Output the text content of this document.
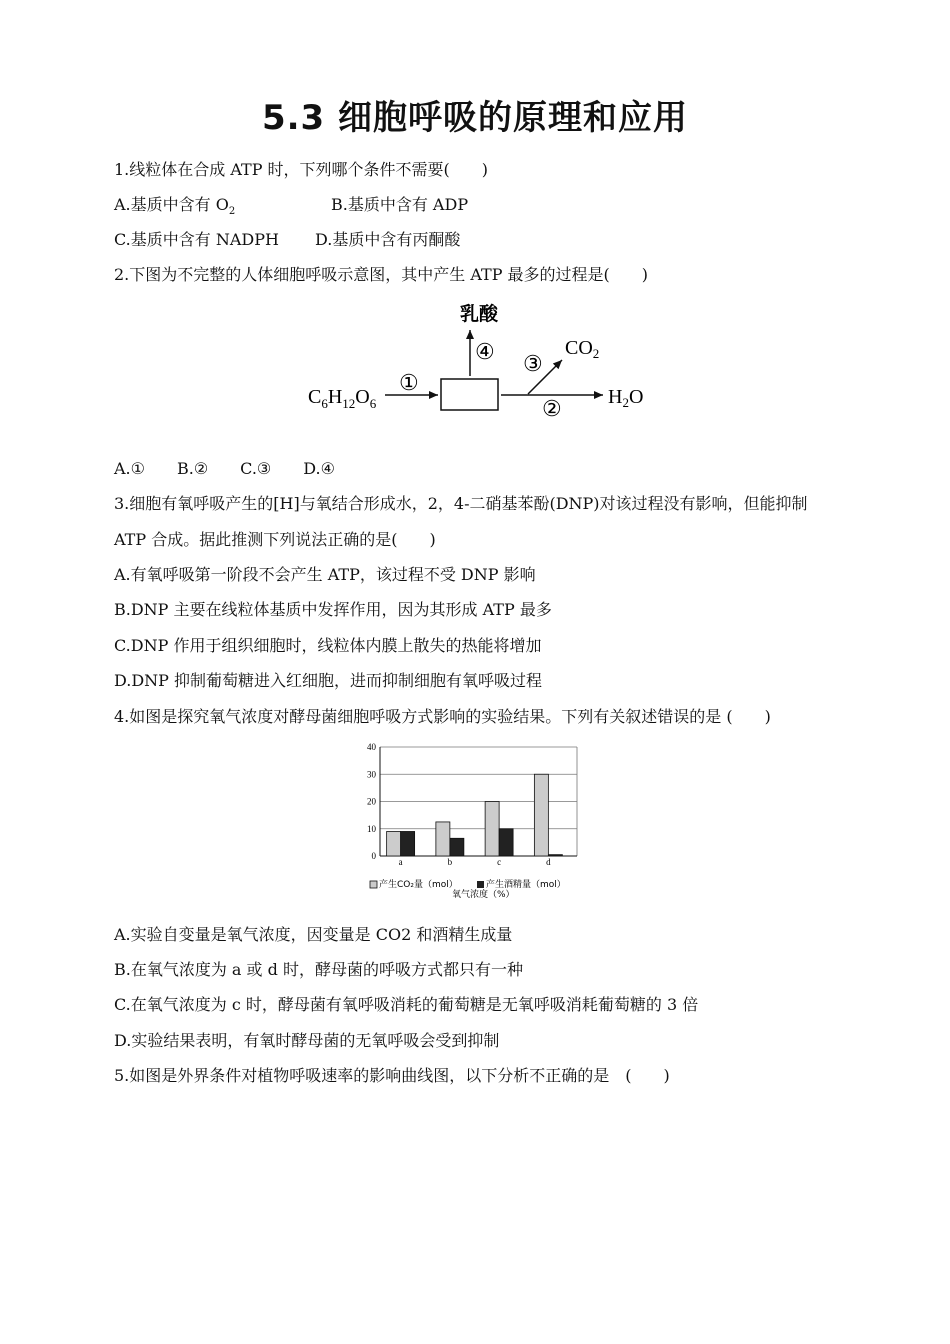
5.3 细胞呼吸的原理和应用
1.线粒体在合成 ATP 时，下列哪个条件不需要(　　)
A.基质中含有 $O_2$	B.基质中含有 ADP
C.基质中含有 NADPH D.基质中含有丙酮酸
2.下图为不完整的人体细胞呼吸示意图，其中产生 ATP 最多的过程是(　　)
乳酸
④
$C_6H_{12}O_6$
①
③
②
$CO_2$
$H_2O$
A.①　　B.②　　C.③　　D.④
3.细胞有氧呼吸产生的[H]与氧结合形成水，2，4-二硝基苯酚(DNP)对该过程没有影响，但能抑制
ATP 合成。据此推测下列说法正确的是(　　)
A.有氧呼吸第一阶段不会产生 ATP，该过程不受 DNP 影响
B.DNP 主要在线粒体基质中发挥作用，因为其形成 ATP 最多
C.DNP 作用于组织细胞时，线粒体内膜上散失的热能将增加
D.DNP 抑制葡萄糖进入红细胞，进而抑制细胞有氧呼吸过程
4.如图是探究氧气浓度对酵母菌细胞呼吸方式影响的实验结果。下列有关叙述错误的是 (　　)
0
10
20
30
40
a	b	c	d
产生CO₂量（mol）	产生酒精量（mol）
氧气浓度（%）
A.实验自变量是氧气浓度，因变量是 CO2 和酒精生成量
B.在氧气浓度为 a 或 d 时，酵母菌的呼吸方式都只有一种
C.在氧气浓度为 c 时，酵母菌有氧呼吸消耗的葡萄糖是无氧呼吸消耗葡萄糖的 3 倍
D.实验结果表明，有氧时酵母菌的无氧呼吸会受到抑制
5.如图是外界条件对植物呼吸速率的影响曲线图，以下分析不正确的是　(　　)
